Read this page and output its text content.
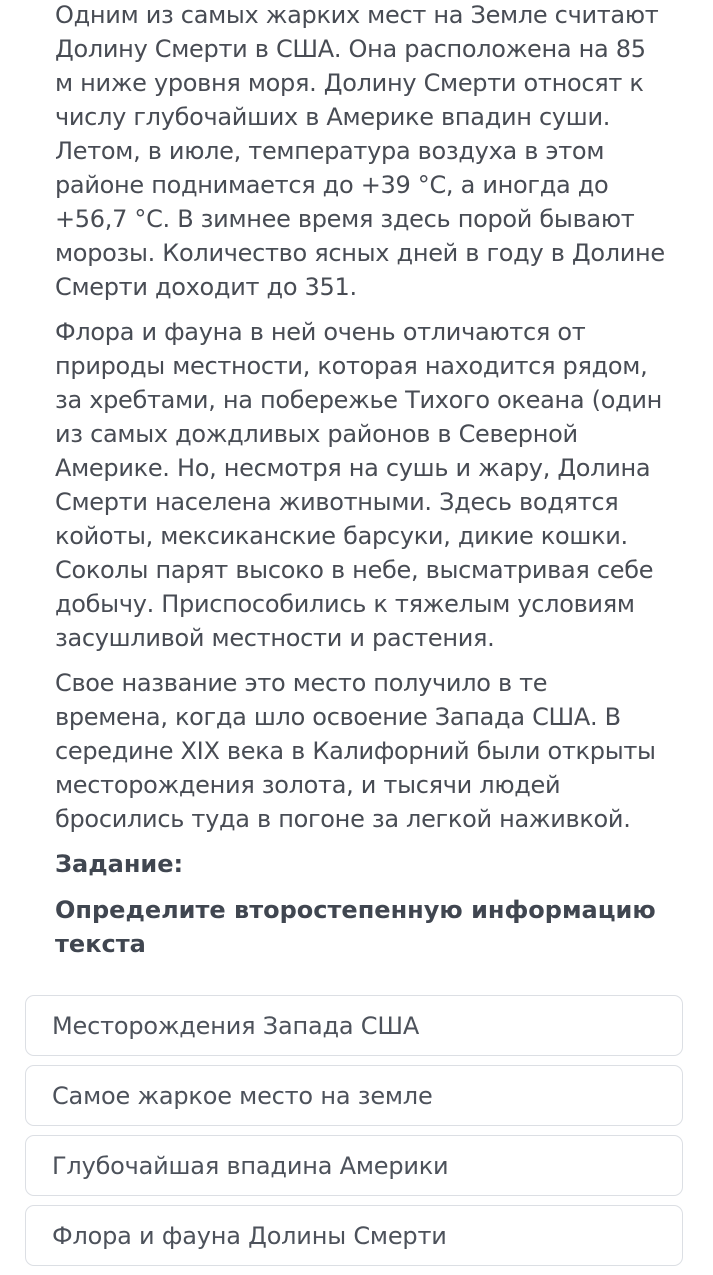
Одним из самых жарких мест на Земле считают Долину Смерти в США. Она расположена на 85 м ниже уровня моря. Долину Смерти относят к числу глубочайших в Америке впадин суши. Летом, в июле, температура воздуха в этом районе поднимается до +39 °C, а иногда до +56,7 °C. В зимнее время здесь порой бывают морозы. Количество ясных дней в году в Долине Смерти доходит до 351.

Флора и фауна в ней очень отличаются от природы местности, которая находится рядом, за хребтами, на побережье Тихого океана (один из самых дождливых районов в Северной Америке. Но, несмотря на сушь и жару, Долина Смерти населена животными. Здесь водятся койоты, мексиканские барсуки, дикие кошки. Соколы парят высоко в небе, высматривая себе добычу. Приспособились к тяжелым условиям засушливой местности и растения.

Свое название это место получило в те времена, когда шло освоение Запада США. В середине XIX века в Калифорний были открыты месторождения золота, и тысячи людей бросились туда в погоне за легкой наживкой.

Задание:

Определите второстепенную информацию текста

Месторождения Запада США
Самое жаркое место на земле
Глубочайшая впадина Америки
Флора и фауна Долины Смерти
